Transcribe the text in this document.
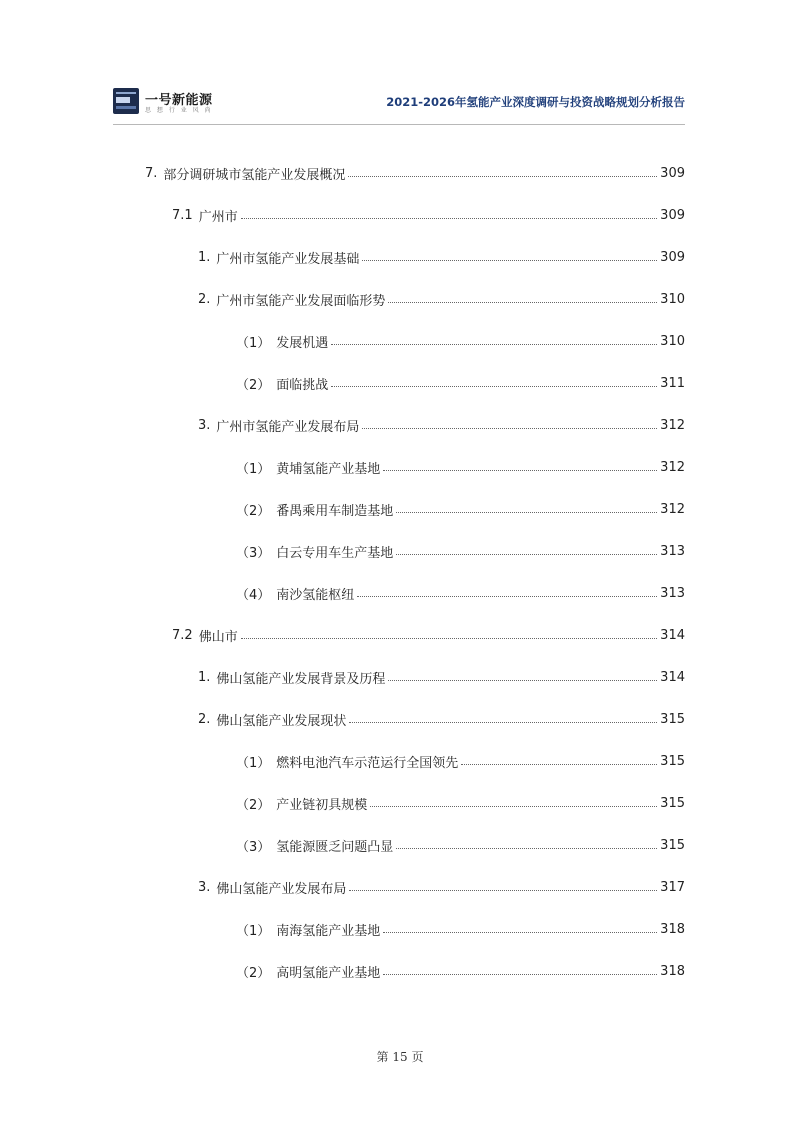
一号新能源
思 想 行 业 风 尚
2021-2026年氢能产业深度调研与投资战略规划分析报告
7. 部分调研城市氢能产业发展概况	309
7.1 广州市	309
1. 广州市氢能产业发展基础	309
2. 广州市氢能产业发展面临形势	310
（1） 发展机遇	310
（2） 面临挑战	311
3. 广州市氢能产业发展布局	312
（1） 黄埔氢能产业基地	312
（2） 番禺乘用车制造基地	312
（3） 白云专用车生产基地	313
（4） 南沙氢能枢纽	313
7.2 佛山市	314
1. 佛山氢能产业发展背景及历程	314
2. 佛山氢能产业发展现状	315
（1） 燃料电池汽车示范运行全国领先	315
（2） 产业链初具规模	315
（3） 氢能源匮乏问题凸显	315
3. 佛山氢能产业发展布局	317
（1） 南海氢能产业基地	318
（2） 高明氢能产业基地	318
第 15 页
